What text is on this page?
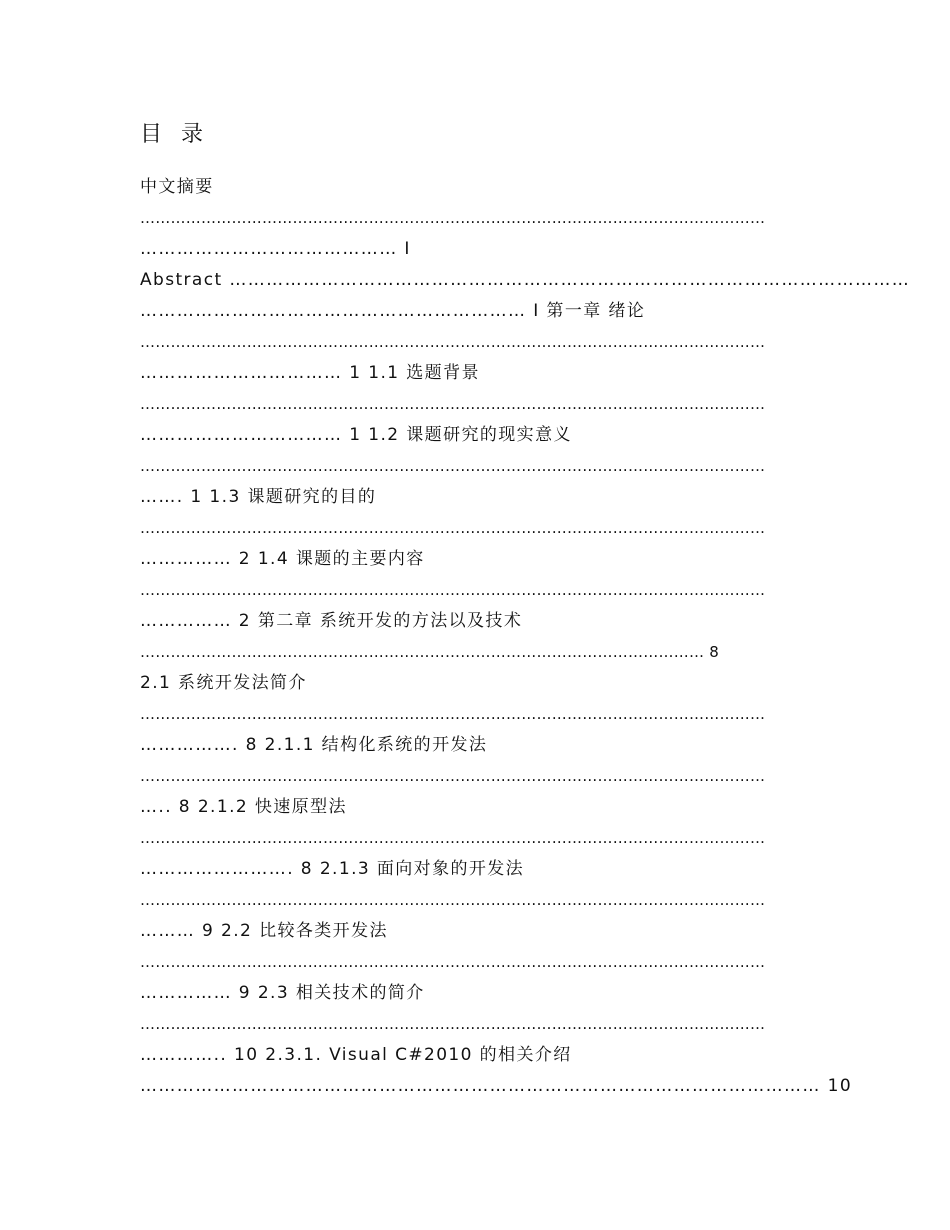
目 录
中文摘要
……………………………………………………………………………………………………………
…………………………………… I
Abstract …………………………………………………………………………………………………
……………………………………………………… I 第一章 绪论
……………………………………………………………………………………………………………
…………………………… 1 1.1 选题背景
……………………………………………………………………………………………………………
…………………………… 1 1.2 课题研究的现实意义
……………………………………………………………………………………………………………
……. 1 1.3 课题研究的目的
……………………………………………………………………………………………………………
…………… 2 1.4 课题的主要内容
……………………………………………………………………………………………………………
…………… 2 第二章 系统开发的方法以及技术
………………………………………………………………………………………………… 8
2.1 系统开发法简介
……………………………………………………………………………………………………………
……………. 8 2.1.1 结构化系统的开发法
……………………………………………………………………………………………………………
….. 8 2.1.2 快速原型法
……………………………………………………………………………………………………………
……………………. 8 2.1.3 面向对象的开发法
……………………………………………………………………………………………………………
……… 9 2.2 比较各类开发法
……………………………………………………………………………………………………………
…………… 9 2.3 相关技术的简介
……………………………………………………………………………………………………………
………….. 10 2.3.1. Visual C#2010 的相关介绍
………………………………………………………………………………………………… 10
